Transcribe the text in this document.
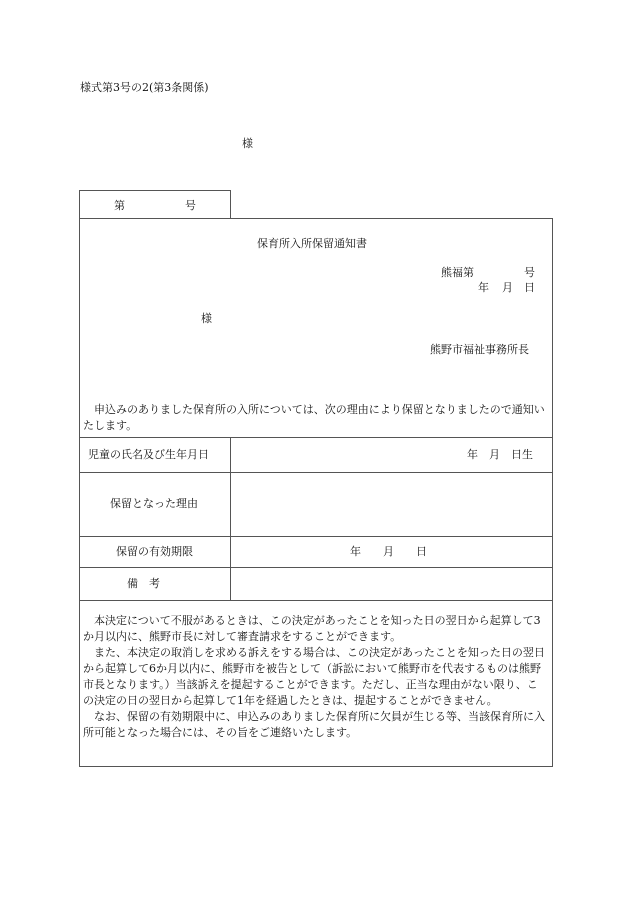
様式第3号の2(第3条関係)
様
第	号
保育所入所保留通知書
熊福第	号
年 月 日
様
熊野市福祉事務所長
申込みのありました保育所の入所については、次の理由により保留となりましたので通知いたします。
児童の氏名及び生年月日	年　月　日生
保留となった理由
保留の有効期限	年　　月　　日
備　考

本決定について不服があるときは、この決定があったことを知った日の翌日から起算して3か月以内に、熊野市長に対して審査請求をすることができます。

また、本決定の取消しを求める訴えをする場合は、この決定があったことを知った日の翌日から起算して6か月以内に、熊野市を被告として（訴訟において熊野市を代表するものは熊野市長となります。）当該訴えを提起することができます。ただし、正当な理由がない限り、この決定の日の翌日から起算して1年を経過したときは、提起することができません。

なお、保留の有効期限中に、申込みのありました保育所に欠員が生じる等、当該保育所に入所可能となった場合には、その旨をご連絡いたします。
